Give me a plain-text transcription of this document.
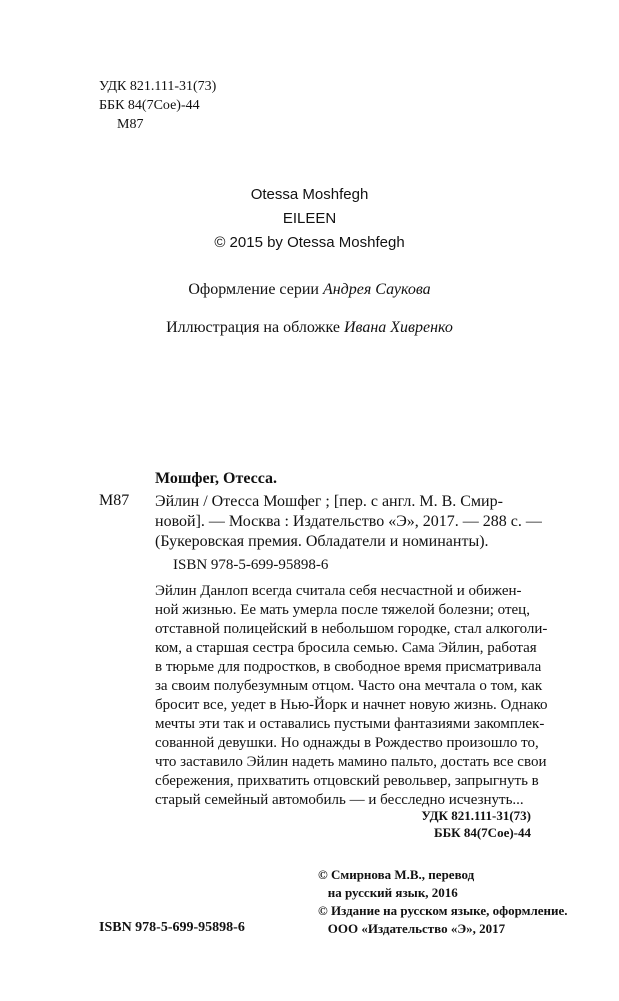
УДК 821.111-31(73)
ББК 84(7Сое)-44
М87
Otessa Moshfegh
EILEEN
© 2015 by Otessa Moshfegh
Оформление серии Андрея Саукова
Иллюстрация на обложке Ивана Хивренко
Мошфег, Отесса.
М87 Эйлин / Отесса Мошфег ; [пер. с англ. М. В. Смир-
новой]. — Москва : Издательство «Э», 2017. — 288 с. —
(Букеровская премия. Обладатели и номинанты).
ISBN 978-5-699-95898-6
Эйлин Данлоп всегда считала себя несчастной и обижен-
ной жизнью. Ее мать умерла после тяжелой болезни; отец,
отставной полицейский в небольшом городке, стал алкоголи-
ком, а старшая сестра бросила семью. Сама Эйлин, работая
в тюрьме для подростков, в свободное время присматривала
за своим полубезумным отцом. Часто она мечтала о том, как
бросит все, уедет в Нью-Йорк и начнет новую жизнь. Однако
мечты эти так и оставались пустыми фантазиями закомплек-
сованной девушки. Но однажды в Рождество произошло то,
что заставило Эйлин надеть мамино пальто, достать все свои
сбережения, прихватить отцовский револьвер, запрыгнуть в
старый семейный автомобиль — и бесследно исчезнуть...
УДК 821.111-31(73)
ББК 84(7Сое)-44
© Смирнова М.В., перевод
на русский язык, 2016
© Издание на русском языке, оформление.
ООО «Издательство «Э», 2017
ISBN 978-5-699-95898-6
